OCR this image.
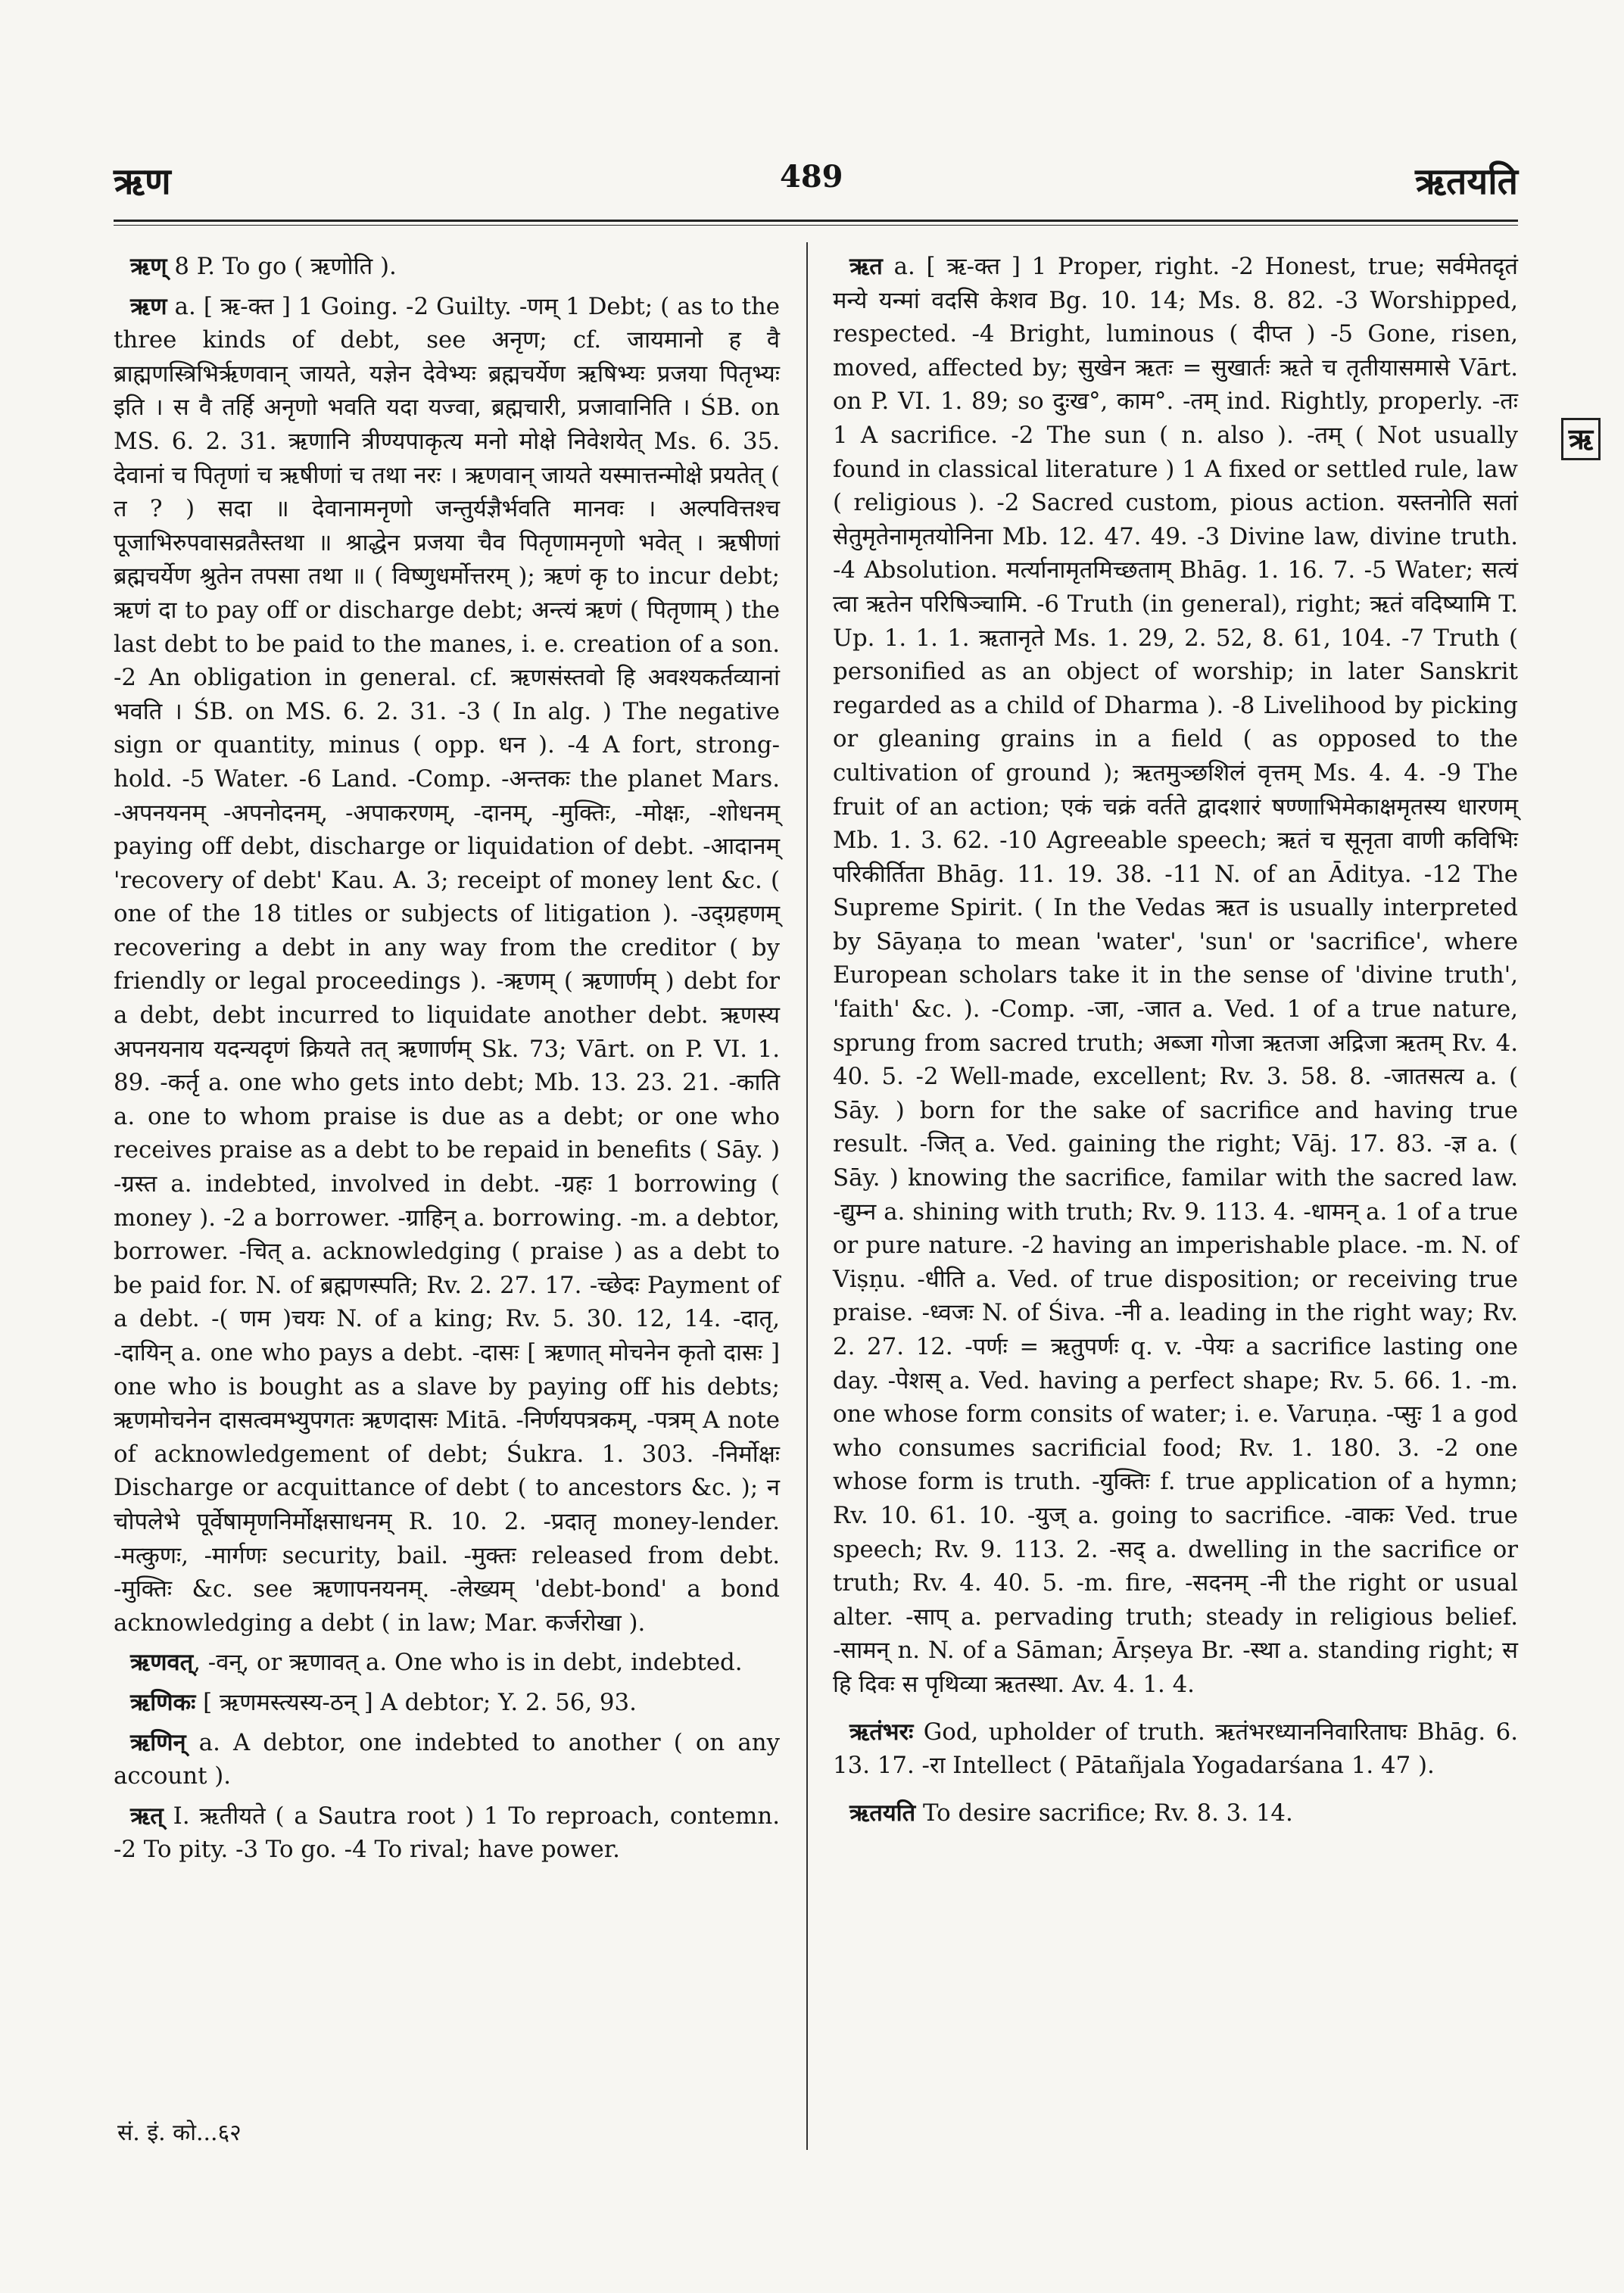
ऋण	489	ऋतयति

ऋण् 8 P. To go ( ऋणोति ).

ऋण a. [ ऋ-क्त ] 1 Going. -2 Guilty. -णम् 1 Debt; ( as to the three kinds of debt, see अनृण; cf. जायमानो ह वै ब्राह्मणस्त्रिभिर्ऋणवान् जायते, यज्ञेन देवेभ्यः ब्रह्मचर्येण ऋषिभ्यः प्रजया पितृभ्यः इति । स वै तर्हि अनृणो भवति यदा यज्वा, ब्रह्मचारी, प्रजावानिति । ŚB. on MS. 6. 2. 31. ऋणानि त्रीण्यपाकृत्य मनो मोक्षे निवेशयेत् Ms. 6. 35. देवानां च पितृणां च ऋषीणां च तथा नरः । ऋणवान् जायते यस्मात्तन्मोक्षे प्रयतेत् ( त ? ) सदा ॥ देवानामनृणो जन्तुर्यज्ञैर्भवति मानवः । अल्पवित्तश्च पूजाभिरुपवासव्रतैस्तथा ॥ श्राद्धेन प्रजया चैव पितृणामनृणो भवेत् । ऋषीणां ब्रह्मचर्येण श्रुतेन तपसा तथा ॥ ( विष्णुधर्मोत्तरम् ); ऋणं कृ to incur debt; ऋणं दा to pay off or discharge debt; अन्त्यं ऋणं ( पितृणाम् ) the last debt to be paid to the manes, i. e. creation of a son. -2 An obligation in general. cf. ऋणसंस्तवो हि अवश्यकर्तव्यानां भवति । ŚB. on MS. 6. 2. 31. -3 ( In alg. ) The negative sign or quantity, minus ( opp. धन ). -4 A fort, strong-hold. -5 Water. -6 Land. -Comp. -अन्तकः the planet Mars. -अपनयनम् -अपनोदनम्, -अपाकरणम्, -दानम्, -मुक्तिः, -मोक्षः, -शोधनम् paying off debt, discharge or liquidation of debt. -आदानम् 'recovery of debt' Kau. A. 3; receipt of money lent &c. ( one of the 18 titles or subjects of litigation ). -उद्ग्रहणम् recovering a debt in any way from the creditor ( by friendly or legal proceedings ). -ऋणम् ( ऋणार्णम् ) debt for a debt, debt incurred to liquidate another debt. ऋणस्य अपनयनाय यदन्यदृणं क्रियते तत् ऋणार्णम् Sk. 73; Vārt. on P. VI. 1. 89. -कर्तृ a. one who gets into debt; Mb. 13. 23. 21. -काति a. one to whom praise is due as a debt; or one who receives praise as a debt to be repaid in benefits ( Sāy. ) -ग्रस्त a. indebted, involved in debt. -ग्रहः 1 borrowing ( money ). -2 a borrower. -ग्राहिन् a. borrowing. -m. a debtor, borrower. -चित् a. acknowledging ( praise ) as a debt to be paid for. N. of ब्रह्मणस्पति; Rv. 2. 27. 17. -च्छेदः Payment of a debt. -( णम )चयः N. of a king; Rv. 5. 30. 12, 14. -दातृ, -दायिन् a. one who pays a debt. -दासः [ ऋणात् मोचनेन कृतो दासः ] one who is bought as a slave by paying off his debts; ऋणमोचनेन दासत्वमभ्युपगतः ऋणदासः Mitā. -निर्णयपत्रकम्, -पत्रम् A note of acknowledgement of debt; Śukra. 1. 303. -निर्मोक्षः Discharge or acquittance of debt ( to ancestors &c. ); न चोपलेभे पूर्वेषामृणनिर्मोक्षसाधनम् R. 10. 2. -प्रदातृ money-lender. -मत्कुणः, -मार्गणः security, bail. -मुक्तः released from debt. -मुक्तिः &c. see ऋणापनयनम्. -लेख्यम् 'debt-bond' a bond acknowledging a debt ( in law; Mar. कर्जरोखा ).

ऋणवत्, -वन्, or ऋणावत् a. One who is in debt, indebted.

ऋणिकः [ ऋणमस्त्यस्य-ठन् ] A debtor; Y. 2. 56, 93.

ऋणिन् a. A debtor, one indebted to another ( on any account ).

ऋत् I. ऋतीयते ( a Sautra root ) 1 To reproach, contemn. -2 To pity. -3 To go. -4 To rival; have power.

ऋत a. [ ऋ-क्त ] 1 Proper, right. -2 Honest, true; सर्वमेतदृतं मन्ये यन्मां वदसि केशव Bg. 10. 14; Ms. 8. 82. -3 Worshipped, respected. -4 Bright, luminous ( दीप्त ) -5 Gone, risen, moved, affected by; सुखेन ऋतः = सुखार्तः ऋते च तृतीयासमासे Vārt. on P. VI. 1. 89; so दुःख°, काम°. -तम् ind. Rightly, properly. -तः 1 A sacrifice. -2 The sun ( n. also ). -तम् ( Not usually found in classical literature ) 1 A fixed or settled rule, law ( religious ). -2 Sacred custom, pious action. यस्तनोति सतां सेतुमृतेनामृतयोनिना Mb. 12. 47. 49. -3 Divine law, divine truth. -4 Absolution. मर्त्यानामृतमिच्छताम् Bhāg. 1. 16. 7. -5 Water; सत्यं त्वा ऋतेन परिषिञ्चामि. -6 Truth (in general), right; ऋतं वदिष्यामि T. Up. 1. 1. 1. ऋतानृते Ms. 1. 29, 2. 52, 8. 61, 104. -7 Truth ( personified as an object of worship; in later Sanskrit regarded as a child of Dharma ). -8 Livelihood by picking or gleaning grains in a field ( as opposed to the cultivation of ground ); ऋतमुञ्छशिलं वृत्तम् Ms. 4. 4. -9 The fruit of an action; एकं चक्रं वर्तते द्वादशारं षण्णाभिमेकाक्षमृतस्य धारणम् Mb. 1. 3. 62. -10 Agreeable speech; ऋतं च सूनृता वाणी कविभिः परिकीर्तिता Bhāg. 11. 19. 38. -11 N. of an Āditya. -12 The Supreme Spirit. ( In the Vedas ऋत is usually interpreted by Sāyaṇa to mean 'water', 'sun' or 'sacrifice', where European scholars take it in the sense of 'divine truth', 'faith' &c. ). -Comp. -जा, -जात a. Ved. 1 of a true nature, sprung from sacred truth; अब्जा गोजा ऋतजा अद्रिजा ऋतम् Rv. 4. 40. 5. -2 Well-made, excellent; Rv. 3. 58. 8. -जातसत्य a. ( Sāy. ) born for the sake of sacrifice and having true result. -जित् a. Ved. gaining the right; Vāj. 17. 83. -ज्ञ a. ( Sāy. ) knowing the sacrifice, familar with the sacred law. -द्युम्न a. shining with truth; Rv. 9. 113. 4. -धामन् a. 1 of a true or pure nature. -2 having an imperishable place. -m. N. of Viṣṇu. -धीति a. Ved. of true disposition; or receiving true praise. -ध्वजः N. of Śiva. -नी a. leading in the right way; Rv. 2. 27. 12. -पर्णः = ऋतुपर्णः q. v. -पेयः a sacrifice lasting one day. -पेशस् a. Ved. having a perfect shape; Rv. 5. 66. 1. -m. one whose form consits of water; i. e. Varuṇa. -प्सुः 1 a god who consumes sacrificial food; Rv. 1. 180. 3. -2 one whose form is truth. -युक्तिः f. true application of a hymn; Rv. 10. 61. 10. -युज् a. going to sacrifice. -वाकः Ved. true speech; Rv. 9. 113. 2. -सद् a. dwelling in the sacrifice or truth; Rv. 4. 40. 5. -m. fire, -सदनम् -नी the right or usual alter. -साप् a. pervading truth; steady in religious belief. -सामन् n. N. of a Sāman; Ārṣeya Br. -स्था a. standing right; स हि दिवः स पृथिव्या ऋतस्था. Av. 4. 1. 4.

ऋतंभरः God, upholder of truth. ऋतंभरध्याननिवारिताघः Bhāg. 6. 13. 17. -रा Intellect ( Pātañjala Yogadarśana 1. 47 ).

ऋतयति To desire sacrifice; Rv. 8. 3. 14.

ऋ
सं. इं. को...६२
